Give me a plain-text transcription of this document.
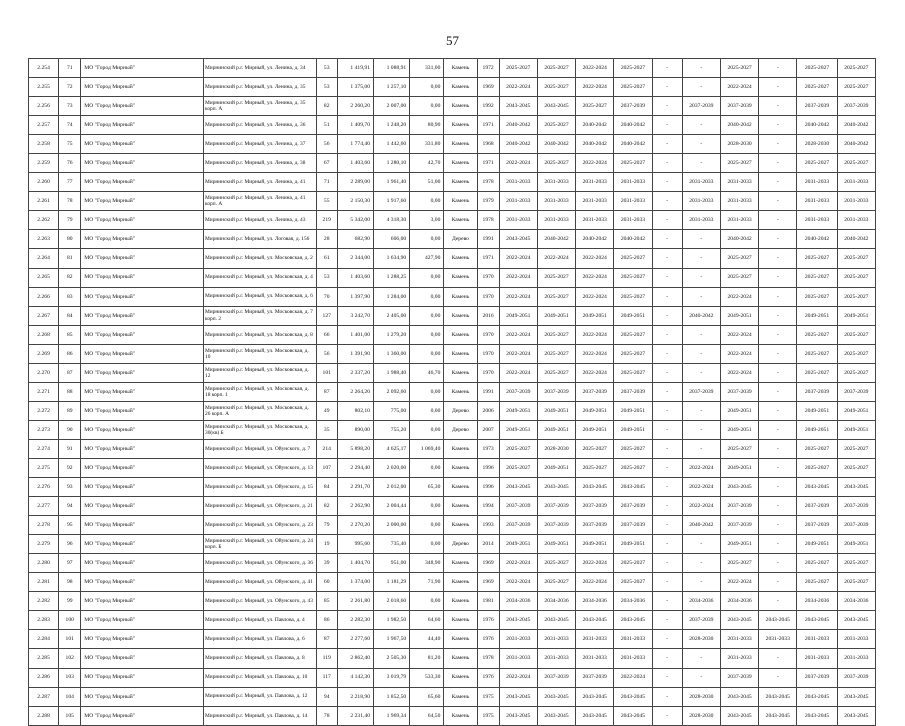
57
2.254	71	МО "Город Мирный"	Мирнинский р.г. Мирный, ул. Ленина, д. 34	53	1 419,91	1 088,91	331,00	Камень	1972	2025-2027	2025-2027	2022-2024	2025-2027	-	-	2025-2027	-	2025-2027	2025-2027
2.255	72	МО "Город Мирный"	Мирнинский р.г. Мирный, ул. Ленина, д. 35	53	1 375,00	1 257,10	0,00	Камень	1969	2022-2024	2025-2027	2022-2024	2025-2027	-	-	2022-2024	-	2025-2027	2025-2027
2.256	73	МО "Город Мирный"	Мирнинский р.г. Мирный, ул. Ленина, д. 35 корп. А	82	2 260,20	2 007,00	0,00	Камень	1992	2043-2045	2043-2045	2025-2027	2037-2039	-	2037-2039	2037-2039	-	2037-2039	2037-2039
2.257	74	МО "Город Мирный"	Мирнинский р.г. Мирный, ул. Ленина, д. 36	51	1 409,70	1 248,20	80,90	Камень	1971	2040-2042	2025-2027	2040-2042	2040-2042	-	-	2040-2042	-	2040-2042	2040-2042
2.258	75	МО "Город Мирный"	Мирнинский р.г. Мирный, ул. Ленина, д. 37	56	1 774,40	1 442,60	331,80	Камень	1968	2040-2042	2040-2042	2040-2042	2040-2042	-	-	2028-2030	-	2028-2030	2040-2042
2.259	76	МО "Город Мирный"	Мирнинский р.г. Мирный, ул. Ленина, д. 38	67	1 403,60	1 280,10	42,70	Камень	1971	2022-2024	2025-2027	2022-2024	2025-2027	-	-	2025-2027	-	2025-2027	2025-2027
2.260	77	МО "Город Мирный"	Мирнинский р.г. Мирный, ул. Ленина, д. 41	71	2 289,00	1 961,40	51,00	Камень	1978	2031-2033	2031-2033	2031-2033	2031-2033	-	2031-2033	2031-2033	-	2031-2033	2031-2033
2.261	78	МО "Город Мирный"	Мирнинский р.г. Мирный, ул. Ленина, д. 41 корп. А	55	2 150,30	1 917,60	0,00	Камень	1979	2031-2033	2031-2033	2031-2033	2031-2033	-	2031-2033	2031-2033	-	2031-2033	2031-2033
2.262	79	МО "Город Мирный"	Мирнинский р.г. Мирный, ул. Ленина, д. 43	219	5 342,00	4 318,30	3,00	Камень	1978	2031-2033	2031-2033	2031-2033	2031-2033	-	2031-2033	2031-2033	-	2031-2033	2031-2033
2.263	80	МО "Город Мирный"	Мирнинский р.г. Мирный, ул. Логовая, д. 156	28	682,90	606,00	0,00	Дерево	1991	2043-2045	2040-2042	2040-2042	2040-2042	-	-	2040-2042	-	2040-2042	2040-2042
2.264	81	МО "Город Мирный"	Мирнинский р.г. Мирный, ул. Московская, д. 2	61	2 344,00	1 634,90	427,90	Камень	1971	2022-2024	2022-2024	2022-2024	2025-2027	-	-	2025-2027	-	2025-2027	2025-2027
2.265	82	МО "Город Мирный"	Мирнинский р.г. Мирный, ул. Московская, д. 4	53	1 403,60	1 288,25	0,00	Камень	1970	2022-2024	2025-2027	2022-2024	2025-2027	-	-	2025-2027	-	2025-2027	2025-2027
2.266	83	МО "Город Мирный"	Мирнинский р.г. Мирный, ул. Московская, д. 6	70	1 397,90	1 284,00	0,00	Камень	1970	2022-2024	2025-2027	2022-2024	2025-2027	-	-	2022-2024	-	2025-2027	2025-2027
2.267	84	МО "Город Мирный"	Мирнинский р.г. Мирный, ул. Московская, д. 7 корп. 2	127	3 242,70	2 405,00	0,00	Камень	2016	2049-2051	2049-2051	2049-2051	2049-2051	-	2040-2042	2049-2051	-	2049-2051	2049-2051
2.268	85	МО "Город Мирный"	Мирнинский р.г. Мирный, ул. Московская, д. 8	66	1 401,00	1 279,20	0,00	Камень	1970	2022-2024	2025-2027	2022-2024	2025-2027	-	-	2022-2024	-	2025-2027	2025-2027
2.269	86	МО "Город Мирный"	Мирнинский р.г. Мирный, ул. Московская, д. 10	56	1 391,90	1 360,00	0,00	Камень	1970	2022-2024	2025-2027	2022-2024	2025-2027	-	-	2022-2024	-	2025-2027	2025-2027
2.270	87	МО "Город Мирный"	Мирнинский р.г. Мирный, ул. Московская, д. 12	101	2 337,20	1 988,40	46,70	Камень	1970	2022-2024	2025-2027	2022-2024	2025-2027	-	-	2022-2024	-	2025-2027	2025-2027
2.271	88	МО "Город Мирный"	Мирнинский р.г. Мирный, ул. Московская, д. 18 корп. 1	87	2 264,20	2 092,60	0,00	Камень	1991	2037-2039	2037-2039	2037-2039	2037-2039	-	2037-2039	2037-2039	-	2037-2039	2037-2039
2.272	89	МО "Город Мирный"	Мирнинский р.г. Мирный, ул. Московская, д. 26 корп. А	49	802,10	775,00	0,00	Дерево	2006	2049-2051	2049-2051	2049-2051	2049-2051	-	-	2049-2051	-	2049-2051	2049-2051
2.273	90	МО "Город Мирный"	Мирнинский р.г. Мирный, ул. Московская, д. 30(кв) Б	35	890,00	755,20	0,00	Дерево	2007	2049-2051	2049-2051	2049-2051	2049-2051	-	-	2049-2051	-	2049-2051	2049-2051
2.274	91	МО "Город Мирный"	Мирнинский р.г. Мирный, ул. Ойунского, д. 7	214	5 898,20	4 625,17	1 069,40	Камень	1973	2025-2027	2028-2030	2025-2027	2025-2027	-	-	2025-2027	-	2025-2027	2025-2027
2.275	92	МО "Город Мирный"	Мирнинский р.г. Мирный, ул. Ойунского, д. 13	107	2 294,40	2 020,00	0,00	Камень	1996	2025-2027	2049-2051	2025-2027	2025-2027	-	2022-2024	2049-2051	-	2025-2027	2025-2027
2.276	93	МО "Город Мирный"	Мирнинский р.г. Мирный, ул. Ойунского, д. 15	84	2 291,70	2 012,00	65,30	Камень	1996	2043-2045	2043-2045	2043-2045	2043-2045	-	2022-2024	2043-2045	-	2043-2045	2043-2045
2.277	94	МО "Город Мирный"	Мирнинский р.г. Мирный, ул. Ойунского, д. 21	82	2 262,90	2 004,44	0,00	Камень	1994	2037-2039	2037-2039	2037-2039	2037-2039	-	2022-2024	2037-2039	-	2037-2039	2037-2039
2.278	95	МО "Город Мирный"	Мирнинский р.г. Мирный, ул. Ойунского, д. 23	79	2 270,20	2 000,00	0,00	Камень	1993	2037-2039	2037-2039	2037-2039	2037-2039	-	2040-2042	2037-2039	-	2037-2039	2037-2039
2.279	96	МО "Город Мирный"	Мирнинский р.г. Мирный, ул. Ойунского, д. 24 корп. Б	19	995,60	735,40	0,00	Дерево	2014	2049-2051	2049-2051	2049-2051	2049-2051	-	-	2049-2051	-	2049-2051	2049-2051
2.280	97	МО "Город Мирный"	Мирнинский р.г. Мирный, ул. Ойунского, д. 36	39	1 404,70	951,00	348,90	Камень	1969	2022-2024	2025-2027	2022-2024	2025-2027	-	-	2025-2027	-	2025-2027	2025-2027
2.281	98	МО "Город Мирный"	Мирнинский р.г. Мирный, ул. Ойунского, д. 41	60	1 374,00	1 181,29	71,90	Камень	1969	2022-2024	2025-2027	2022-2024	2025-2027	-	-	2022-2024	-	2025-2027	2025-2027
2.282	99	МО "Город Мирный"	Мирнинский р.г. Мирный, ул. Ойунского, д. 43	85	2 261,80	2 018,60	0,00	Камень	1981	2034-2036	2034-2036	2034-2036	2034-2036	-	2034-2036	2034-2036	-	2034-2036	2034-2036
2.283	100	МО "Город Мирный"	Мирнинский р.г. Мирный, ул. Павлова, д. 4	86	2 282,30	1 982,50	64,60	Камень	1976	2043-2045	2043-2045	2043-2045	2043-2045	-	2037-2039	2043-2045	2043-2045	2043-2045	2043-2045
2.284	101	МО "Город Мирный"	Мирнинский р.г. Мирный, ул. Павлова, д. 6	87	2 277,60	1 967,50	44,40	Камень	1976	2031-2033	2031-2033	2031-2033	2031-2033	-	2028-2030	2031-2033	2031-2033	2031-2033	2031-2033
2.285	102	МО "Город Мирный"	Мирнинский р.г. Мирный, ул. Павлова, д. 8	119	2 862,40	2 505,30	81,20	Камень	1978	2031-2033	2031-2033	2031-2033	2031-2033	-	-	2031-2033	-	2031-2033	2031-2033
2.286	103	МО "Город Мирный"	Мирнинский р.г. Мирный, ул. Павлова, д. 10	117	4 142,30	3 019,79	533,30	Камень	1976	2022-2024	2037-2039	2037-2039	2022-2024	-	-	2037-2039	-	2037-2039	2037-2039
2.287	104	МО "Город Мирный"	Мирнинский р.г. Мирный, ул. Павлова, д. 12	94	2 218,90	1 852,50	65,60	Камень	1975	2043-2045	2043-2045	2043-2045	2043-2045	-	2028-2030	2043-2045	2043-2045	2043-2045	2043-2045
2.288	105	МО "Город Мирный"	Мирнинский р.г. Мирный, ул. Павлова, д. 14	78	2 231,40	1 969,34	64,50	Камень	1975	2043-2045	2043-2045	2043-2045	2043-2045	-	2028-2030	2043-2045	2043-2045	2043-2045	2043-2045
